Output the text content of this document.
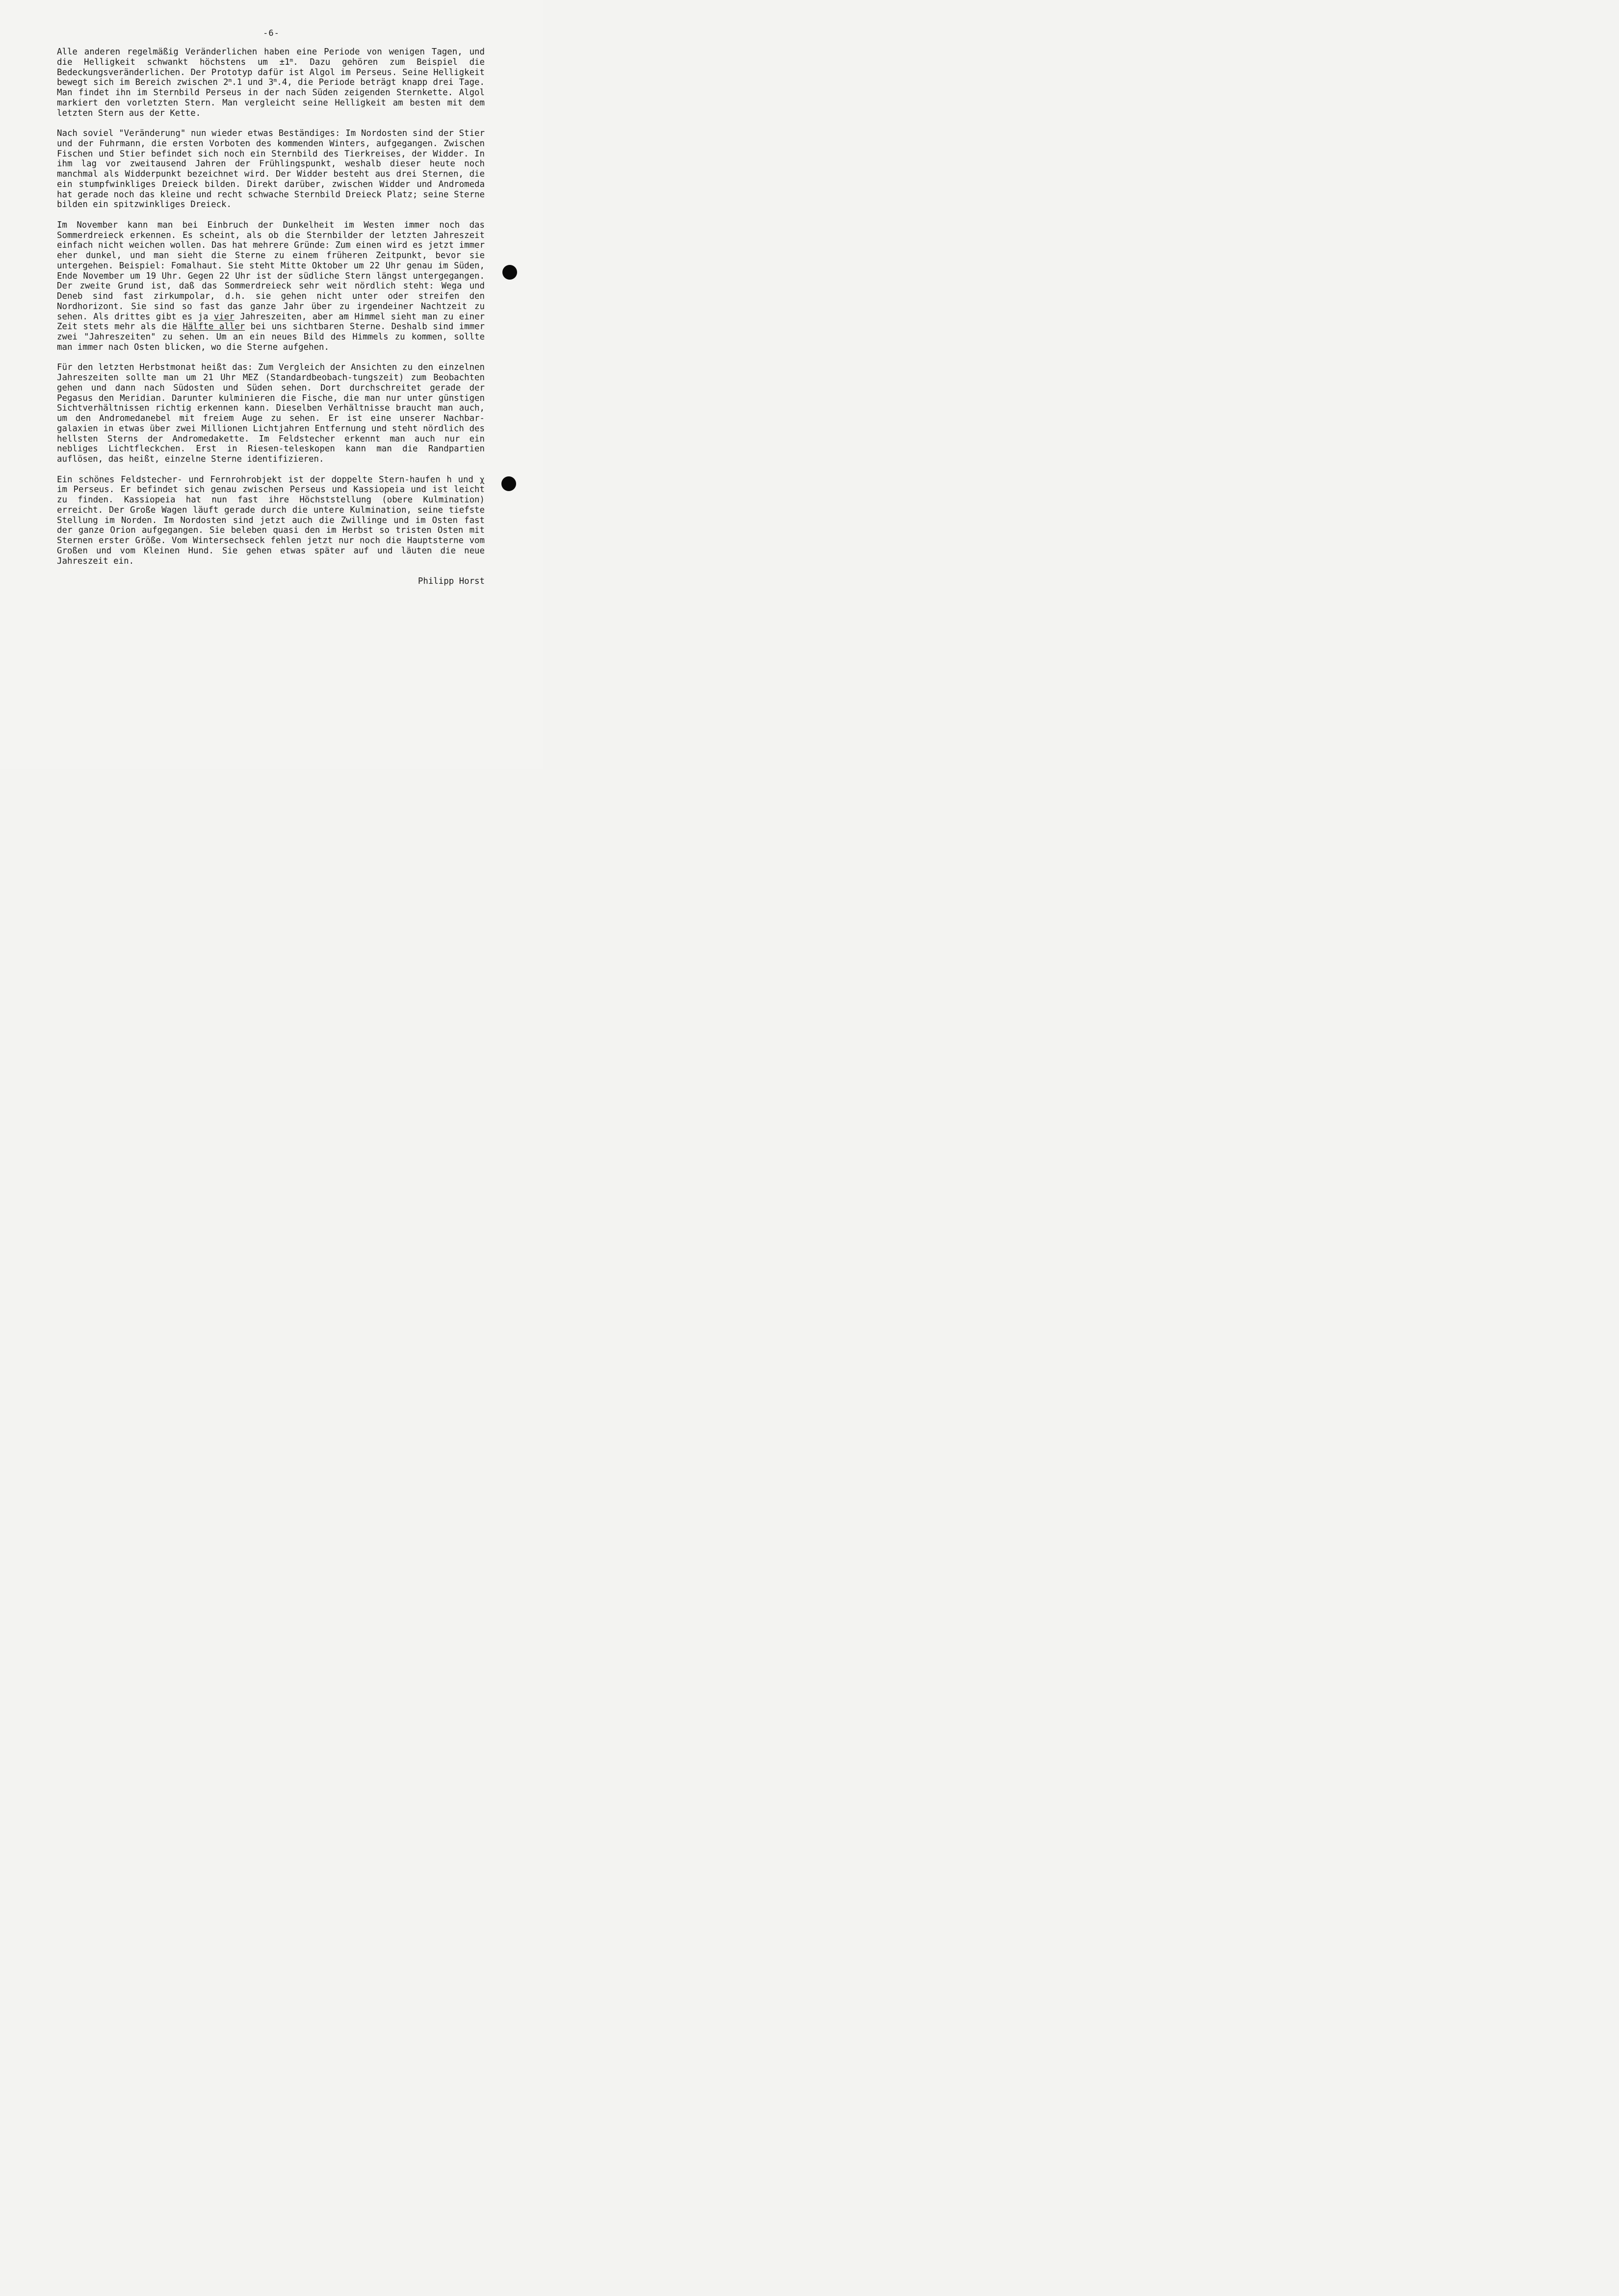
-6-

Alle anderen regelmäßig Veränderlichen haben eine Periode von wenigen Tagen, und die Helligkeit schwankt höchstens um $\pm 1^m$. Dazu gehören zum Beispiel die Bedeckungsveränderlichen. Der Prototyp dafür ist Algol im Perseus. Seine Helligkeit bewegt sich im Bereich zwischen 2$^m$.1 und 3$^m$.4, die Periode beträgt knapp drei Tage. Man findet ihn im Sternbild Perseus in der nach Süden zeigenden Sternkette. Algol markiert den vorletzten Stern. Man vergleicht seine Helligkeit am besten mit dem letzten Stern aus der Kette.

Nach soviel "Veränderung" nun wieder etwas Beständiges: Im Nordosten sind der Stier und der Fuhrmann, die ersten Vorboten des kommenden Winters, aufgegangen. Zwischen Fischen und Stier befindet sich noch ein Sternbild des Tierkreises, der Widder. In ihm lag vor zweitausend Jahren der Frühlingspunkt, weshalb dieser heute noch manchmal als Widderpunkt bezeichnet wird. Der Widder besteht aus drei Sternen, die ein stumpfwinkliges Dreieck bilden. Direkt darüber, zwischen Widder und Andromeda hat gerade noch das kleine und recht schwache Sternbild Dreieck Platz; seine Sterne bilden ein spitzwinkliges Dreieck.

Im November kann man bei Einbruch der Dunkelheit im Westen immer noch das Sommerdreieck erkennen. Es scheint, als ob die Sternbilder der letzten Jahreszeit einfach nicht weichen wollen. Das hat mehrere Gründe: Zum einen wird es jetzt immer eher dunkel, und man sieht die Sterne zu einem früheren Zeitpunkt, bevor sie untergehen. Beispiel: Fomalhaut. Sie steht Mitte Oktober um 22 Uhr genau im Süden, Ende November um 19 Uhr. Gegen 22 Uhr ist der südliche Stern längst untergegangen. Der zweite Grund ist, daß das Sommerdreieck sehr weit nördlich steht: Wega und Deneb sind fast zirkumpolar, d.h. sie gehen nicht unter oder streifen den Nordhorizont. Sie sind so fast das ganze Jahr über zu irgendeiner Nachtzeit zu sehen. Als drittes gibt es ja vier Jahreszeiten, aber am Himmel sieht man zu einer Zeit stets mehr als die Hälfte aller bei uns sichtbaren Sterne. Deshalb sind immer zwei "Jahreszeiten" zu sehen. Um an ein neues Bild des Himmels zu kommen, sollte man immer nach Osten blicken, wo die Sterne aufgehen.

Für den letzten Herbstmonat heißt das: Zum Vergleich der Ansichten zu den einzelnen Jahreszeiten sollte man um 21 Uhr MEZ (Standardbeobach-tungszeit) zum Beobachten gehen und dann nach Südosten und Süden sehen. Dort durchschreitet gerade der Pegasus den Meridian. Darunter kulminieren die Fische, die man nur unter günstigen Sichtverhältnissen richtig erkennen kann. Dieselben Verhältnisse braucht man auch, um den Andromedanebel mit freiem Auge zu sehen. Er ist eine unserer Nachbar-galaxien in etwas über zwei Millionen Lichtjahren Entfernung und steht nördlich des hellsten Sterns der Andromedakette. Im Feldstecher erkennt man auch nur ein nebliges Lichtfleckchen. Erst in Riesen-teleskopen kann man die Randpartien auflösen, das heißt, einzelne Sterne identifizieren.

Ein schönes Feldstecher- und Fernrohrobjekt ist der doppelte Stern-haufen h und χ im Perseus. Er befindet sich genau zwischen Perseus und Kassiopeia und ist leicht zu finden. Kassiopeia hat nun fast ihre Höchststellung (obere Kulmination) erreicht. Der Große Wagen läuft gerade durch die untere Kulmination, seine tiefste Stellung im Norden. Im Nordosten sind jetzt auch die Zwillinge und im Osten fast der ganze Orion aufgegangen. Sie beleben quasi den im Herbst so tristen Osten mit Sternen erster Größe. Vom Wintersechseck fehlen jetzt nur noch die Hauptsterne vom Großen und vom Kleinen Hund. Sie gehen etwas später auf und läuten die neue Jahreszeit ein.

Philipp Horst
